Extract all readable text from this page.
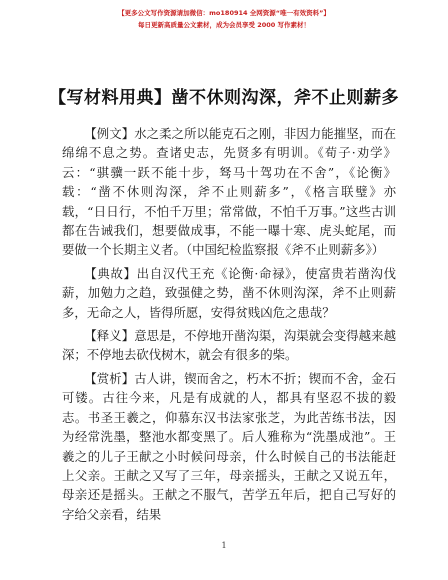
【更多公文写作资源请加微信：mo180914 全网资源“唯一有效资料”】
每日更新高质量公文素材，成为会员享受 2000 写作素材！
【写材料用典】凿不休则沟深，斧不止则薪多

【例文】水之柔之所以能克石之刚，非因力能摧坚，而在绵绵不息之势。查诸史志，先贤多有明训。《荀子·劝学》云：“骐骥一跃不能十步，驽马十驾功在不舍”，《论衡》载：“凿不休则沟深，斧不止则薪多”，《格言联璧》亦载，“日日行，不怕千万里；常常做，不怕千万事。”这些古训都在告诫我们，想要做成事，不能一曝十寒、虎头蛇尾，而要做一个长期主义者。（中国纪检监察报《斧不止则薪多》）

【典故】出自汉代王充《论衡·命禄》，使富贵若凿沟伐薪，加勉力之趋，致强健之势，凿不休则沟深，斧不止则薪多，无命之人，皆得所愿，安得贫贱凶危之患哉？

【释义】意思是，不停地开凿沟渠，沟渠就会变得越来越深；不停地去砍伐树木，就会有很多的柴。

【赏析】古人讲，锲而舍之，朽木不折；锲而不舍，金石可镂。古往今来，凡是有成就的人，都具有坚忍不拔的毅志。书圣王羲之，仰慕东汉书法家张芝，为此苦练书法，因为经常洗墨，整池水都变黑了。后人雅称为“洗墨成池”。王羲之的儿子王献之小时候问母亲，什么时候自己的书法能赶上父亲。王献之又写了三年，母亲摇头，王献之又说五年，母亲还是摇头。王献之不服气，苦学五年后，把自己写好的字给父亲看，结果

1
